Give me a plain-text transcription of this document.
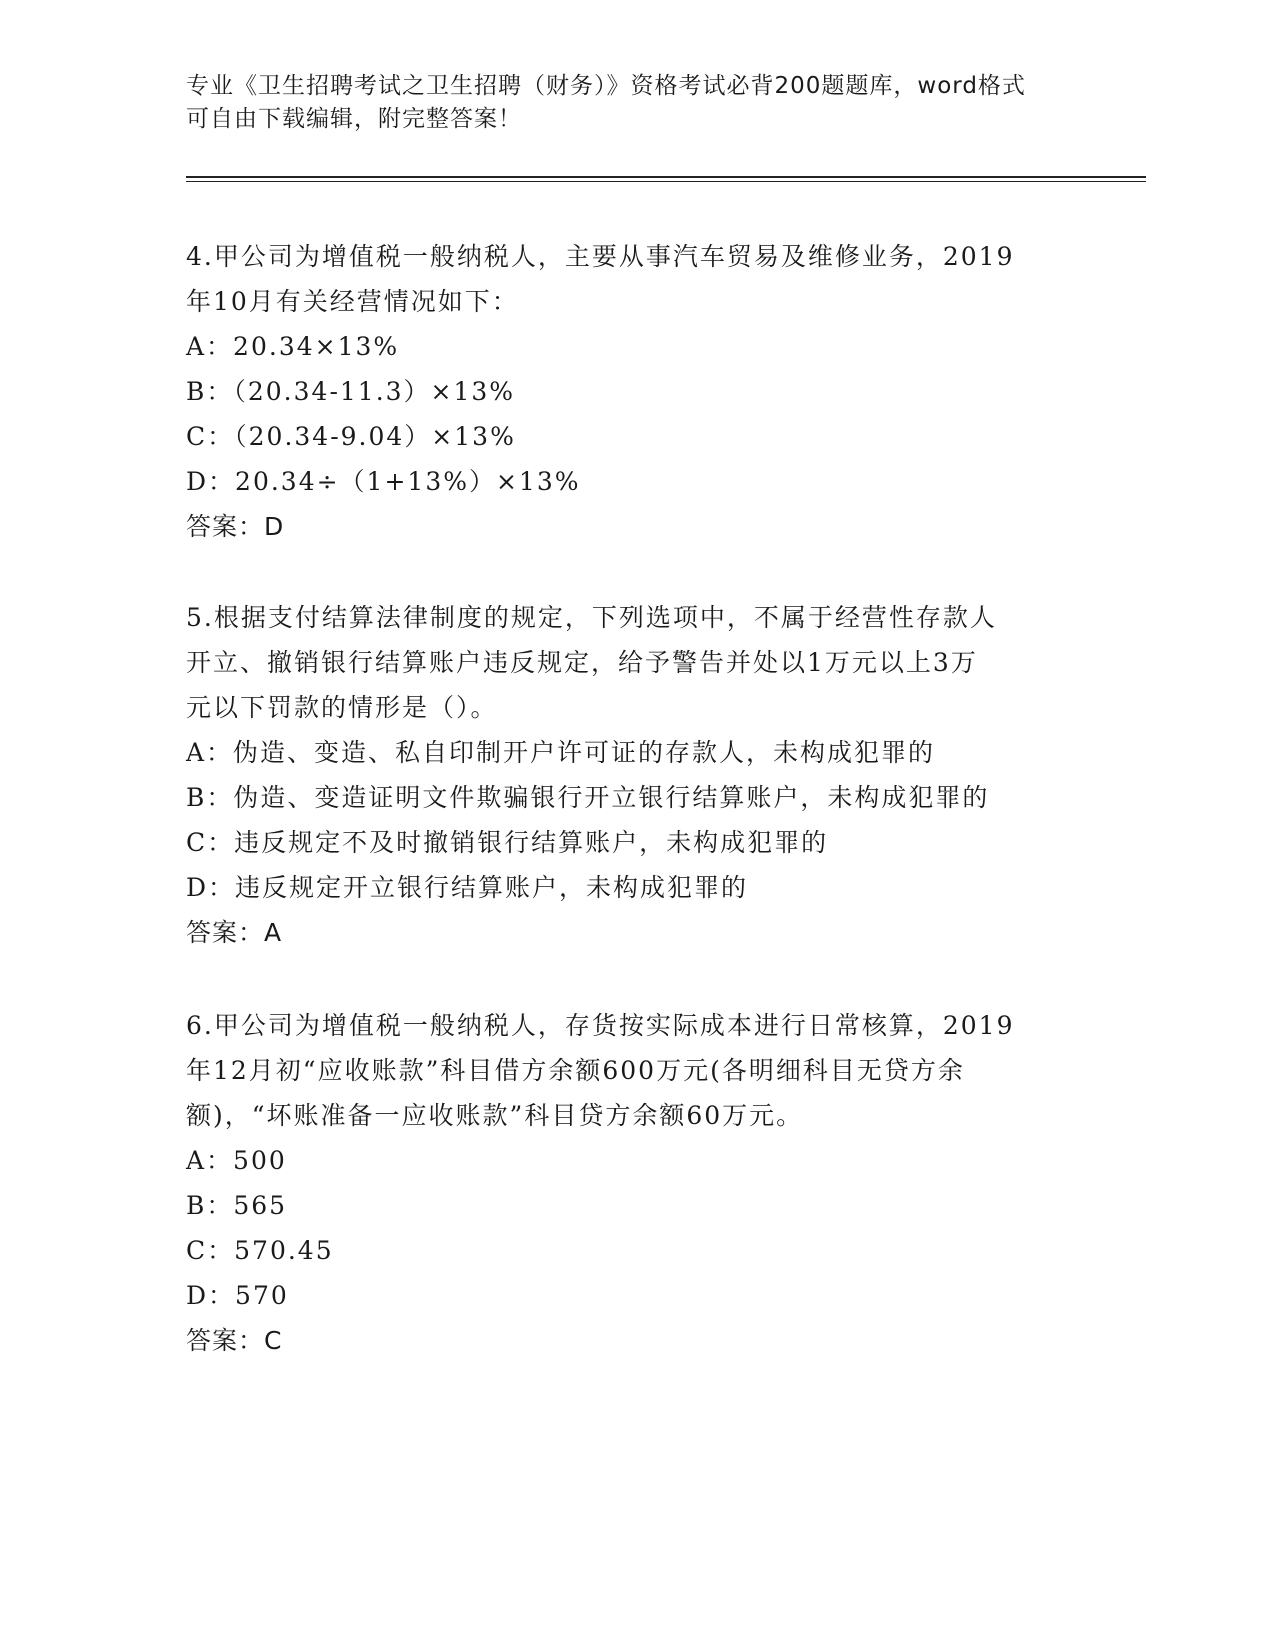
专业《卫生招聘考试之卫生招聘（财务）》资格考试必背200题题库，word格式
可自由下载编辑，附完整答案！
4.甲公司为增值税一般纳税人，主要从事汽车贸易及维修业务，2019
年10月有关经营情况如下：
A：20.34×13%
B：（20.34-11.3）×13%
C：（20.34-9.04）×13%
D：20.34÷（1+13%）×13%
答案：D
5.根据支付结算法律制度的规定，下列选项中，不属于经营性存款人
开立、撤销银行结算账户违反规定，给予警告并处以1万元以上3万
元以下罚款的情形是（）。
A：伪造、变造、私自印制开户许可证的存款人，未构成犯罪的
B：伪造、变造证明文件欺骗银行开立银行结算账户，未构成犯罪的
C：违反规定不及时撤销银行结算账户，未构成犯罪的
D：违反规定开立银行结算账户，未构成犯罪的
答案：A
6.甲公司为增值税一般纳税人，存货按实际成本进行日常核算，2019
年12月初“应收账款”科目借方余额600万元(各明细科目无贷方余
额)，“坏账准备一应收账款”科目贷方余额60万元。
A：500
B：565
C：570.45
D：570
答案：C
